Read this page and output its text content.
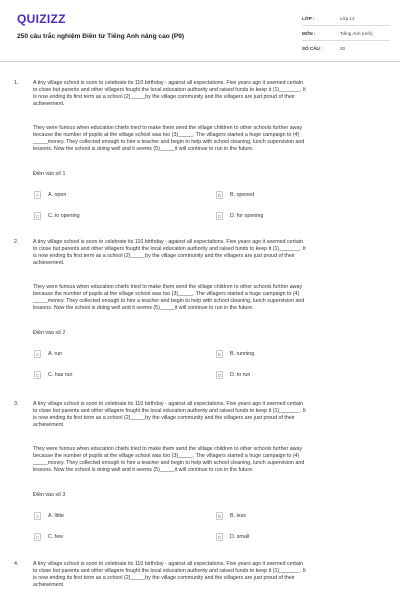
QUIZIZZ
250 câu trắc nghiệm Điền từ Tiếng Anh nâng cao (P9)
LỚP :	Lớp 12
MÔN :	Tiếng Anh (mới)
SỐ CÂU :	20
1.	A tiny village school is soon to celebrate its 110 birthday - against all expectations. Five years ago it seemed certain
to close but parents and other villagers fought the local education authority and raised funds to keep it (1)_______. It
is now ending its first term as a school (2)_____by the village community and the villagers are just proud of their
achievement.
They were furious when education chiefs tried to make them send the village children to other schools further away
because the number of pupils at the village school was too (3)_____. The villagers started a huge campaign to (4)
_____money. They collected enough to hire a teacher and begin to help with school cleaning, lunch supervision and
lessons. Now the school is doing well and it seems (5)_____it will continue to run in the future.
Điền vào số 1
A	A. open	B	B. opened
C	C. to opening	D	D. for opening
2.	A tiny village school is soon to celebrate its 110 birthday - against all expectations. Five years ago it seemed certain
to close but parents and other villagers fought the local education authority and raised funds to keep it (1)_______. It
is now ending its first term as a school (2)_____by the village community and the villagers are just proud of their
achievement.
They were furious when education chiefs tried to make them send the village children to other schools further away
because the number of pupils at the village school was too (3)_____. The villagers started a huge campaign to (4)
_____money. They collected enough to hire a teacher and begin to help with school cleaning, lunch supervision and
lessons. Now the school is doing well and it seems (5)_____it will continue to run in the future.
Điền vào số 2
A	A. run	B	B. running
C	C. has run	D	D. to run
3.	A tiny village school is soon to celebrate its 110 birthday - against all expectations. Five years ago it seemed certain
to close but parents and other villagers fought the local education authority and raised funds to keep it (1)_______. It
is now ending its first term as a school (2)_____by the village community and the villagers are just proud of their
achievement.
They were furious when education chiefs tried to make them send the village children to other schools further away
because the number of pupils at the village school was too (3)_____. The villagers started a huge campaign to (4)
_____money. They collected enough to hire a teacher and begin to help with school cleaning, lunch supervision and
lessons. Now the school is doing well and it seems (5)_____it will continue to run in the future.
Điền vào số 3
A	A. little	B	B. less
C	C. few	D	D. small
4.	A tiny village school is soon to celebrate its 110 birthday - against all expectations. Five years ago it seemed certain
to close but parents and other villagers fought the local education authority and raised funds to keep it (1)_______. It
is now ending its first term as a school (2)_____by the village community and the villagers are just proud of their
achievement.
